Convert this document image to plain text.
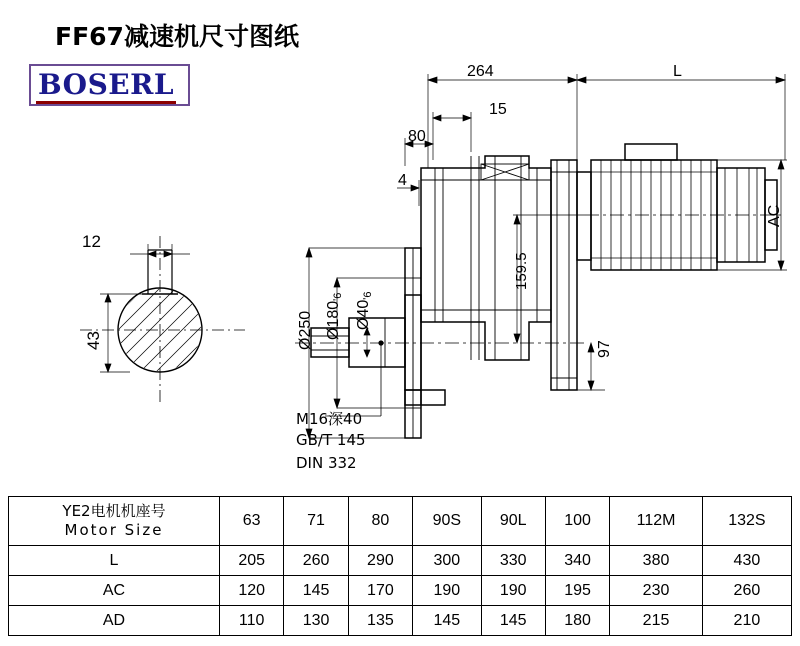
FF67减速机尺寸图纸
BOSERL
12
43
264	L
15
80
4
AC
159.5
97
Ø250 Ø180ʹ6
Ø40ʹ6
M16深40
GB/T 145
DIN 332
YE2电机机座号
Motor Size	63	71	80	90S	90L	100	112M	132S
L	205	260	290	300	330	340	380	430
AC	120	145	170	190	190	195	230	260
AD	110	130	135	145	145	180	215	210
